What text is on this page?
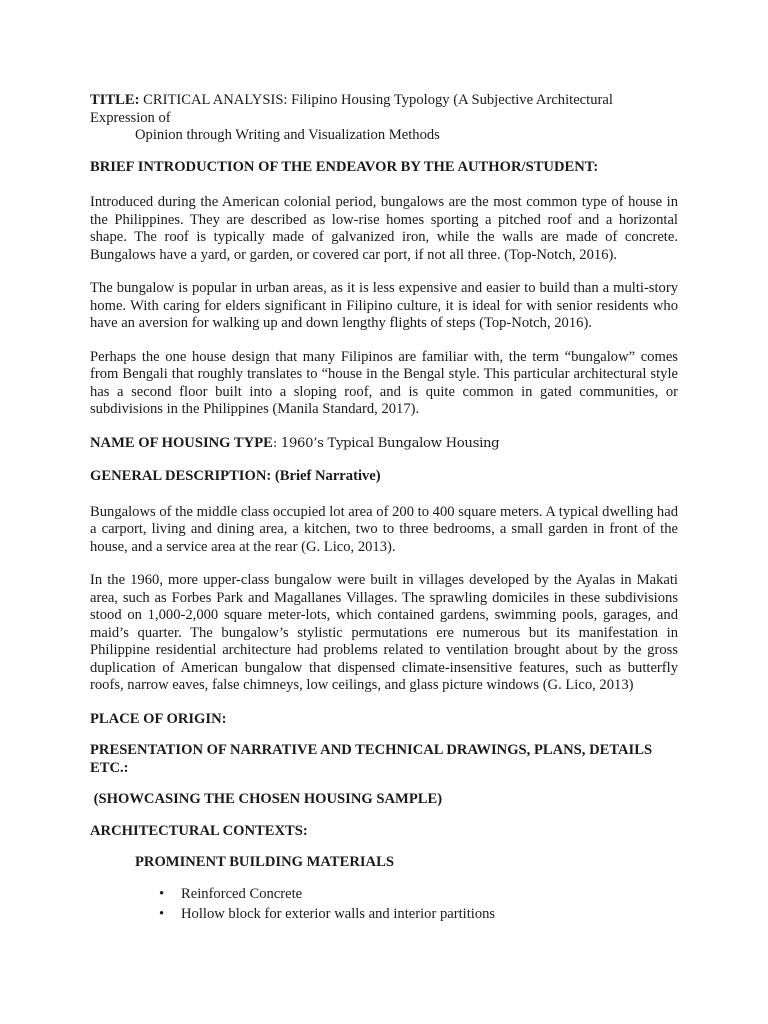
TITLE: CRITICAL ANALYSIS: Filipino Housing Typology (A Subjective Architectural Expression of

Opinion through Writing and Visualization Methods

BRIEF INTRODUCTION OF THE ENDEAVOR BY THE AUTHOR/STUDENT:

Introduced during the American colonial period, bungalows are the most common type of house in the Philippines. They are described as low-rise homes sporting a pitched roof and a horizontal shape. The roof is typically made of galvanized iron, while the walls are made of concrete. Bungalows have a yard, or garden, or covered car port, if not all three. (Top-Notch, 2016).

The bungalow is popular in urban areas, as it is less expensive and easier to build than a multi-story home. With caring for elders significant in Filipino culture, it is ideal for with senior residents who have an aversion for walking up and down lengthy flights of steps (Top-Notch, 2016).

Perhaps the one house design that many Filipinos are familiar with, the term “bungalow” comes from Bengali that roughly translates to “house in the Bengal style. This particular architectural style has a second floor built into a sloping roof, and is quite common in gated communities, or subdivisions in the Philippines (Manila Standard, 2017).

NAME OF HOUSING TYPE: 1960’s Typical Bungalow Housing

GENERAL DESCRIPTION: (Brief Narrative)

Bungalows of the middle class occupied lot area of 200 to 400 square meters. A typical dwelling had a carport, living and dining area, a kitchen, two to three bedrooms, a small garden in front of the house, and a service area at the rear (G. Lico, 2013).

In the 1960, more upper-class bungalow were built in villages developed by the Ayalas in Makati area, such as Forbes Park and Magallanes Villages. The sprawling domiciles in these subdivisions stood on 1,000-2,000 square meter-lots, which contained gardens, swimming pools, garages, and maid’s quarter. The bungalow’s stylistic permutations ere numerous but its manifestation in Philippine residential architecture had problems related to ventilation brought about by the gross duplication of American bungalow that dispensed climate-insensitive features, such as butterfly roofs, narrow eaves, false chimneys, low ceilings, and glass picture windows (G. Lico, 2013)

PLACE OF ORIGIN:

PRESENTATION OF NARRATIVE AND TECHNICAL DRAWINGS, PLANS, DETAILS ETC.:

(SHOWCASING THE CHOSEN HOUSING SAMPLE)

ARCHITECTURAL CONTEXTS:

PROMINENT BUILDING MATERIALS

• Reinforced Concrete
• Hollow block for exterior walls and interior partitions
